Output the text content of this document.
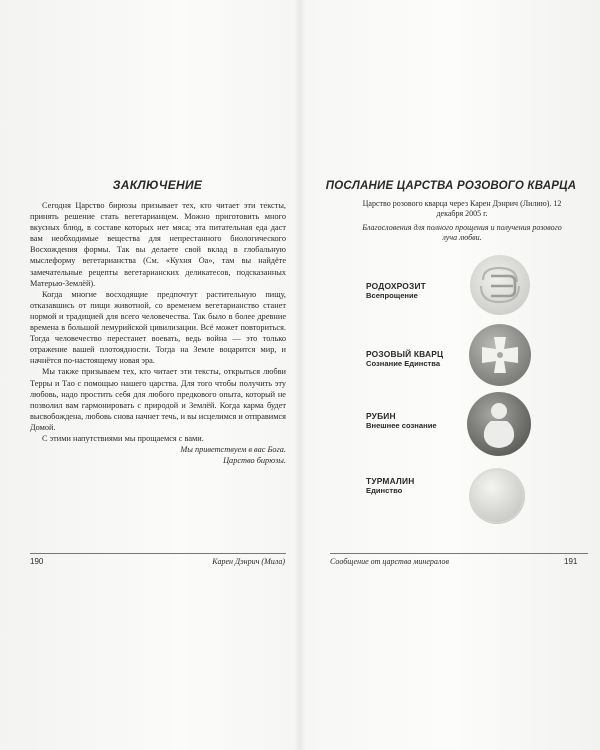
ЗАКЛЮЧЕНИЕ

Сегодня Царство бирюзы призывает тех, кто читает эти тексты, принять решение стать вегетарианцем. Можно приготовить много вкусных блюд, в составе которых нет мяса; эта питательная еда даст вам необходимые вещества для непрестанного биологического Восхождения формы. Так вы делаете свой вклад в глобальную мыслеформу вегетарианства (См. «Кухня Оа», там вы найдёте замечательные рецепты вегетарианских деликатесов, подсказанных Матерью-Землёй).

Когда многие восходящие предпочтут растительную пищу, отказавшись от пищи животной, со временем вегетарианство станет нормой и традицией для всего человечества. Так было в более древние времена в большой лемурийской цивилизации. Всё может повториться. Тогда человечество перестанет воевать, ведь война — это только отражение вашей плотоядности. Тогда на Земле воцарится мир, и начнётся по-настоящему новая эра.

Мы также призываем тех, кто читает эти тексты, открыться любви Терры и Тао с помощью нашего царства. Для того чтобы получить эту любовь, надо простить себя для любого предкового опыта, который не позволил вам гармонировать с природой и Землёй. Когда карма будет высвобождена, любовь снова начнет течь, и вы исцелимся и отправимся Домой.

С этими напутствиями мы прощаемся с вами.

Мы приветствуем в вас Бога.

Царство бирюзы.

190	Карен Дэнрич (Мила)
ПОСЛАНИЕ ЦАРСТВА РОЗОВОГО КВАРЦА
Царство розового кварца через Карен Дэнрич (Лилию). 12 декабря 2005 г.
Благословения для полного прощения и получения розового луча любви.
Сообщение от царства минералов	191
РОДОХРОЗИТ
Всепрощение
РОЗОВЫЙ КВАРЦ
Сознание Единства
РУБИН
Внешнее сознание
ТУРМАЛИН
Единство
